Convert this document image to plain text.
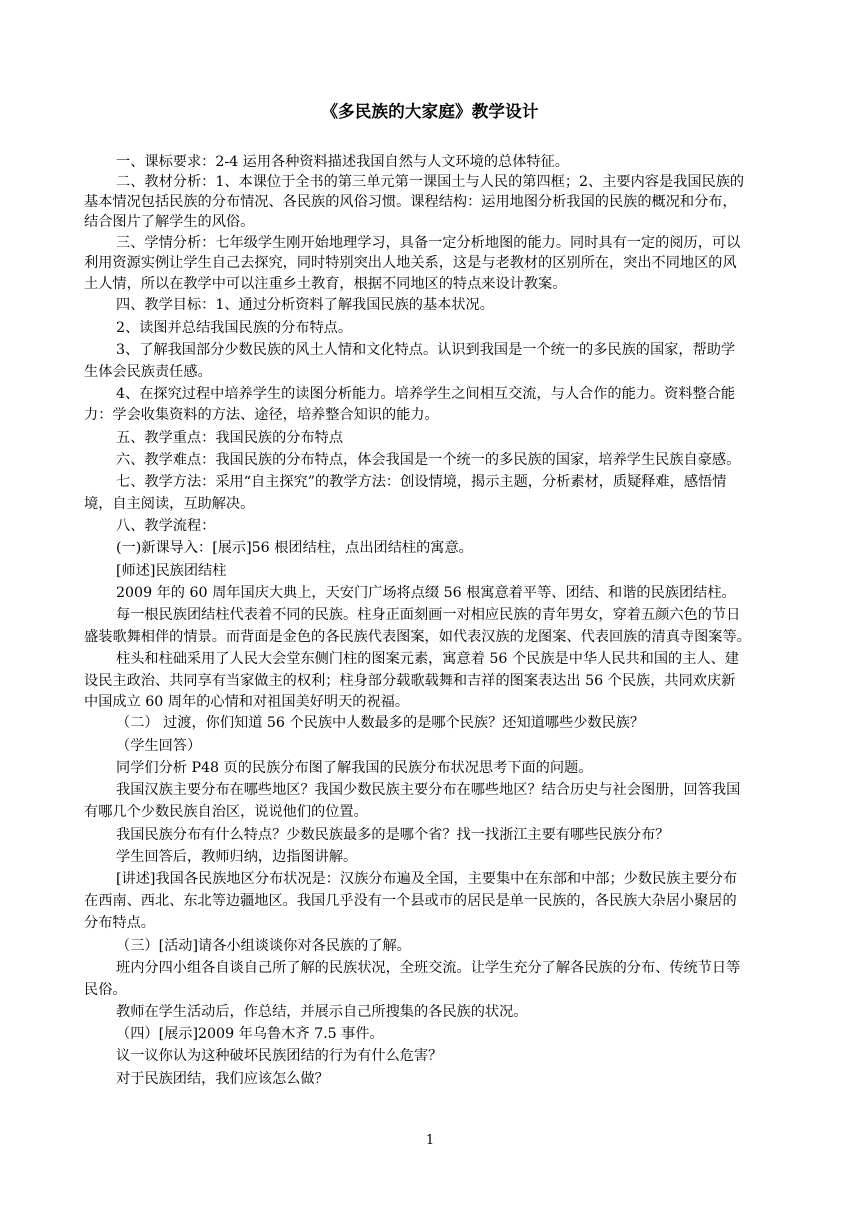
《多民族的大家庭》教学设计
一、课标要求：2-4 运用各种资料描述我国自然与人文环境的总体特征。
二、教材分析：1、本课位于全书的第三单元第一课国土与人民的第四框；2、主要内容是我国民族的
基本情况包括民族的分布情况、各民族的风俗习惯。课程结构：运用地图分析我国的民族的概况和分布，
结合图片了解学生的风俗。
三、学情分析：七年级学生刚开始地理学习，具备一定分析地图的能力。同时具有一定的阅历，可以
利用资源实例让学生自己去探究，同时特别突出人地关系，这是与老教材的区别所在，突出不同地区的风
土人情，所以在教学中可以注重乡土教育，根据不同地区的特点来设计教案。
四、教学目标：1、通过分析资料了解我国民族的基本状况。
2、读图并总结我国民族的分布特点。
3、了解我国部分少数民族的风土人情和文化特点。认识到我国是一个统一的多民族的国家，帮助学
生体会民族责任感。
4、在探究过程中培养学生的读图分析能力。培养学生之间相互交流，与人合作的能力。资料整合能
力：学会收集资料的方法、途径，培养整合知识的能力。
五、教学重点：我国民族的分布特点
六、教学难点：我国民族的分布特点，体会我国是一个统一的多民族的国家，培养学生民族自豪感。
七、教学方法：采用“自主探究”的教学方法：创设情境，揭示主题，分析素材，质疑释难，感悟情
境，自主阅读，互助解决。
八、教学流程：
(一)新课导入：[展示]56 根团结柱，点出团结柱的寓意。
[师述]民族团结柱
2009 年的 60 周年国庆大典上，天安门广场将点缀 56 根寓意着平等、团结、和谐的民族团结柱。
每一根民族团结柱代表着不同的民族。柱身正面刻画一对相应民族的青年男女，穿着五颜六色的节日
盛装歌舞相伴的情景。而背面是金色的各民族代表图案，如代表汉族的龙图案、代表回族的清真寺图案等。
柱头和柱础采用了人民大会堂东侧门柱的图案元素，寓意着 56 个民族是中华人民共和国的主人、建
设民主政治、共同享有当家做主的权利；柱身部分载歌载舞和吉祥的图案表达出 56 个民族，共同欢庆新
中国成立 60 周年的心情和对祖国美好明天的祝福。
（二） 过渡，你们知道 56 个民族中人数最多的是哪个民族？还知道哪些少数民族？
（学生回答）
同学们分析 P48 页的民族分布图了解我国的民族分布状况思考下面的问题。
我国汉族主要分布在哪些地区？我国少数民族主要分布在哪些地区？结合历史与社会图册，回答我国
有哪几个少数民族自治区，说说他们的位置。
我国民族分布有什么特点？少数民族最多的是哪个省？找一找浙江主要有哪些民族分布？
学生回答后，教师归纳，边指图讲解。
[讲述]我国各民族地区分布状况是：汉族分布遍及全国，主要集中在东部和中部；少数民族主要分布
在西南、西北、东北等边疆地区。我国几乎没有一个县或市的居民是单一民族的，各民族大杂居小聚居的
分布特点。
（三）[活动]请各小组谈谈你对各民族的了解。
班内分四小组各自谈自己所了解的民族状况，全班交流。让学生充分了解各民族的分布、传统节日等
民俗。
教师在学生活动后，作总结，并展示自己所搜集的各民族的状况。
（四）[展示]2009 年乌鲁木齐 7.5 事件。
议一议你认为这种破坏民族团结的行为有什么危害？
对于民族团结，我们应该怎么做？
1
